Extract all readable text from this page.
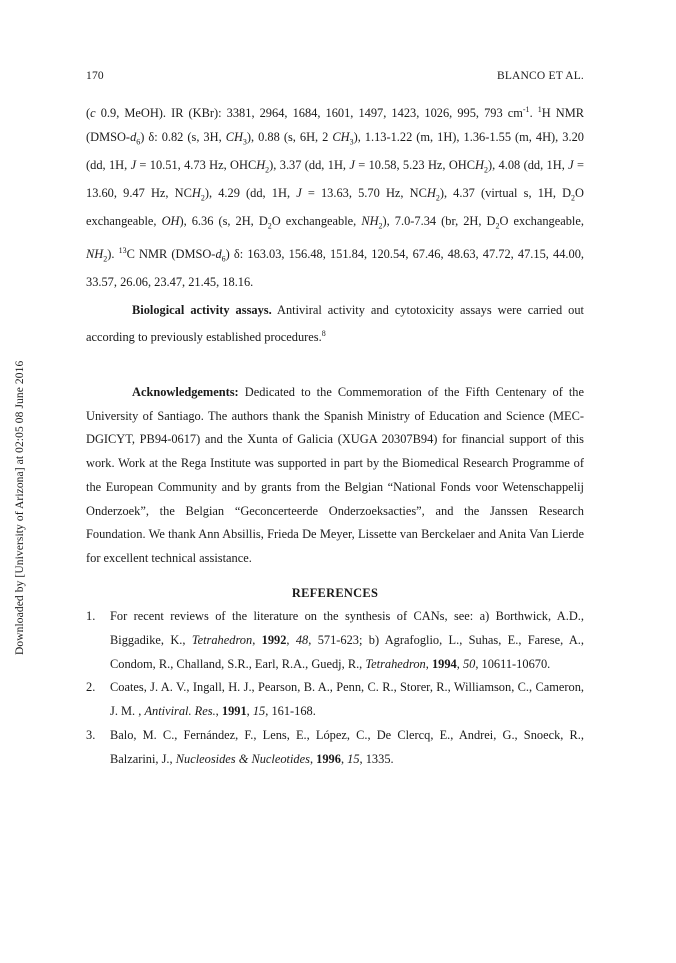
170	BLANCO ET AL.
Downloaded by [University of Arizona] at 02:05 08 June 2016

(c 0.9, MeOH). IR (KBr): 3381, 2964, 1684, 1601, 1497, 1423, 1026, 995, 793 $cm^{-1}$. $^1$H NMR $(DMSO-d_6)$ δ: 0.82 (s, 3H, $CH_3$), 0.88 (s, 6H, 2 $CH_3$), 1.13-1.22 (m, 1H), 1.36-1.55 (m, 4H), 3.20 (dd, 1H, J = 10.51, 4.73 Hz, $OHCH_2$), 3.37 (dd, 1H, J = 10.58, 5.23 Hz, $OHCH_2$), 4.08 (dd, 1H, J = 13.60, 9.47 Hz, $NCH_2$), 4.29 (dd, 1H, J = 13.63, 5.70 Hz, $NCH_2$), 4.37 (virtual s, 1H, $D_2O$ exchangeable, OH), 6.36 (s, 2H, $D_2O$ exchangeable, $NH_2$), 7.0-7.34 (br, 2H, $D_2O$ exchangeable, $NH_2$). $^{13}$C NMR $(DMSO-d_6)$ δ: 163.03, 156.48, 151.84, 120.54, 67.46, 48.63, 47.72, 47.15, 44.00, 33.57, 26.06, 23.47, 21.45, 18.16.

Biological activity assays. Antiviral activity and cytotoxicity assays were carried out according to previously established procedures.$^8$

Acknowledgements: Dedicated to the Commemoration of the Fifth Centenary of the University of Santiago. The authors thank the Spanish Ministry of Education and Science (MEC-DGICYT, PB94-0617) and the Xunta of Galicia (XUGA 20307B94) for financial support of this work. Work at the Rega Institute was supported in part by the Biomedical Research Programme of the European Community and by grants from the Belgian “National Fonds voor Wetenschappelij Onderzoek”, the Belgian “Geconcerteerde Onderzoeksacties”, and the Janssen Research Foundation. We thank Ann Absillis, Frieda De Meyer, Lissette van Berckelaer and Anita Van Lierde for excellent technical assistance.

REFERENCES

1. For recent reviews of the literature on the synthesis of CANs, see: a) Borthwick, A.D., Biggadike, K., Tetrahedron, 1992, 48, 571-623; b) Agrafoglio, L., Suhas, E., Farese, A., Condom, R., Challand, S.R., Earl, R.A., Guedj, R., Tetrahedron, 1994, 50, 10611-10670.

2. Coates, J. A. V., Ingall, H. J., Pearson, B. A., Penn, C. R., Storer, R., Williamson, C., Cameron, J. M. , Antiviral. Res., 1991, 15, 161-168.

3. Balo, M. C., Fernández, F., Lens, E., López, C., De Clercq, E., Andrei, G., Snoeck, R., Balzarini, J., Nucleosides & Nucleotides, 1996, 15, 1335.
